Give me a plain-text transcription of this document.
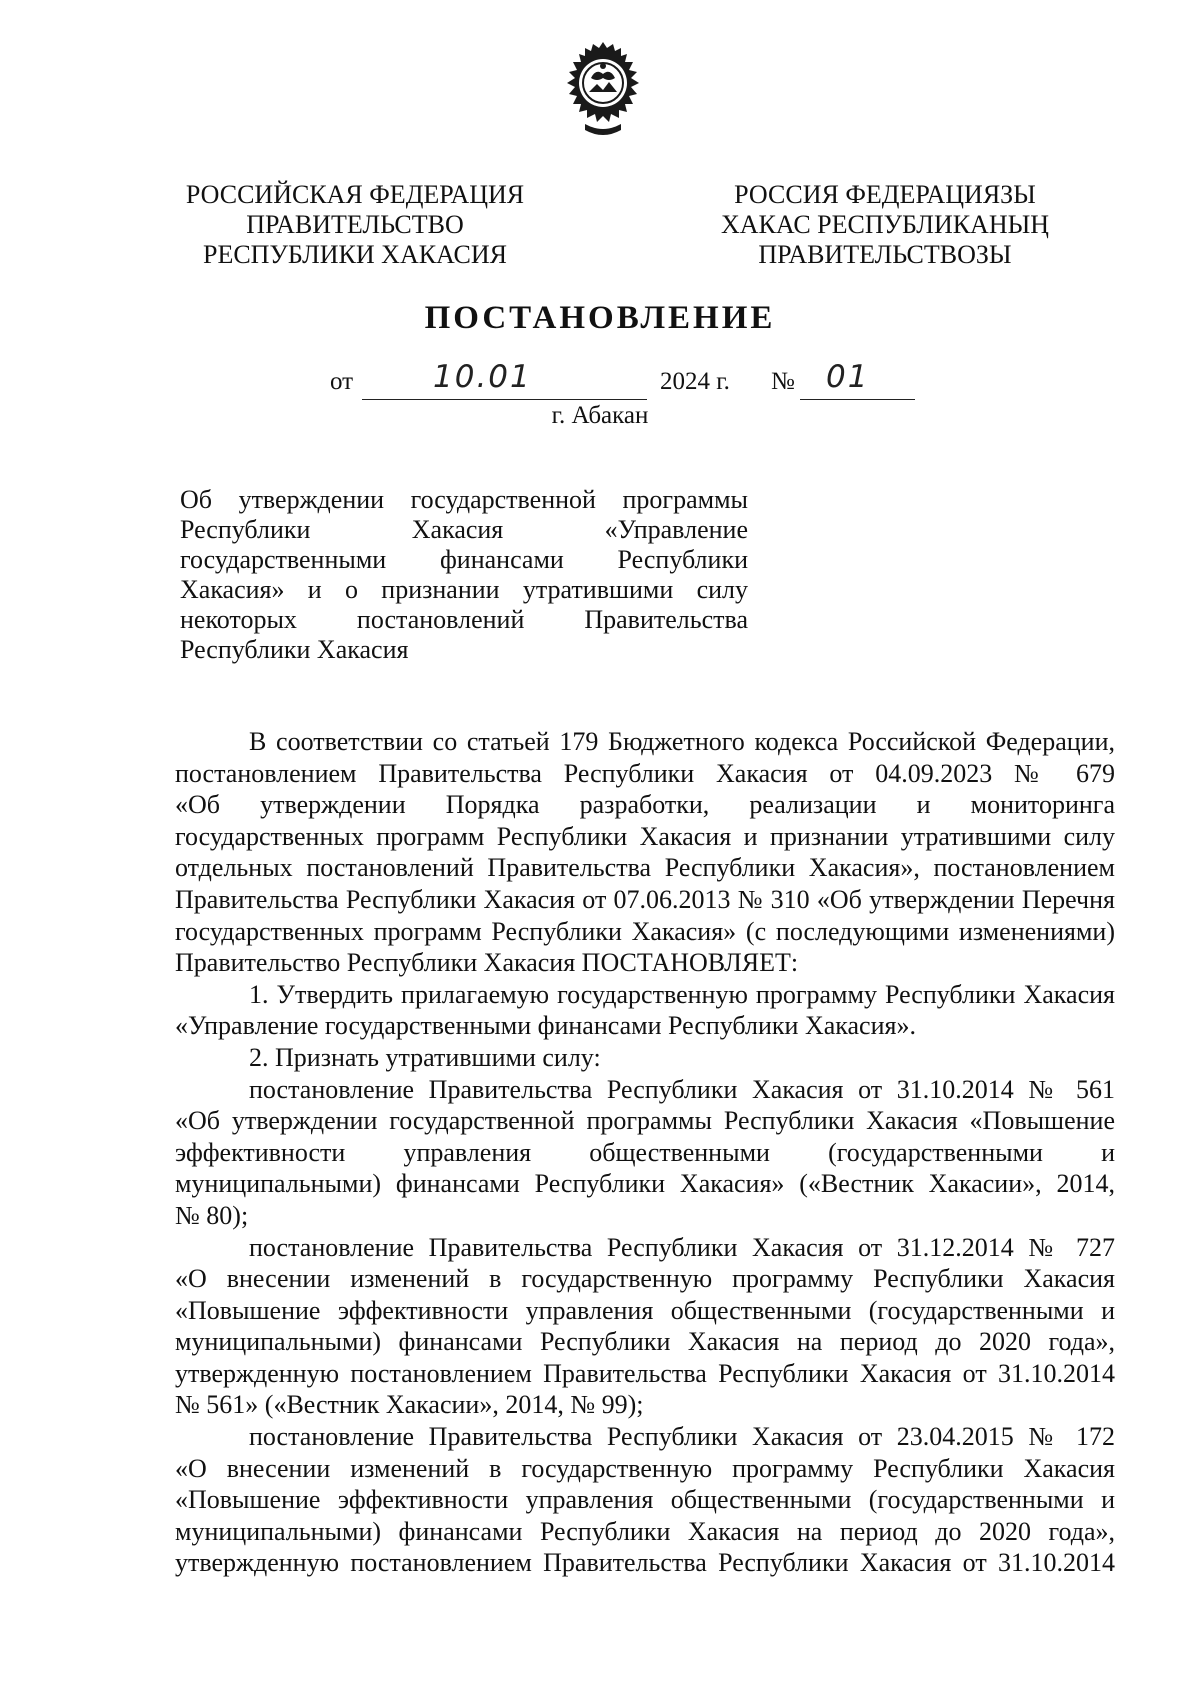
РОССИЙСКАЯ ФЕДЕРАЦИЯ
ПРАВИТЕЛЬСТВО
РЕСПУБЛИКИ ХАКАСИЯ
РОССИЯ ФЕДЕРАЦИЯЗЫ
ХАКАС РЕСПУБЛИКАНЫҢ
ПРАВИТЕЛЬСТВОЗЫ
ПОСТАНОВЛЕНИЕ
от	10.01	2024 г. № 01
г. Абакан
Об утверждении государственной программы
Республики Хакасия «Управление
государственными финансами Республики
Хакасия» и о признании утратившими силу
некоторых постановлений Правительства
Республики Хакасия
В соответствии со статьей 179 Бюджетного кодекса Российской Федерации,
постановлением Правительства Республики Хакасия от 04.09.2023 № 679
«Об утверждении Порядка разработки, реализации и мониторинга
государственных программ Республики Хакасия и признании утратившими силу
отдельных постановлений Правительства Республики Хакасия», постановлением
Правительства Республики Хакасия от 07.06.2013 № 310 «Об утверждении Перечня
государственных программ Республики Хакасия» (с последующими изменениями)
Правительство Республики Хакасия ПОСТАНОВЛЯЕТ:
1. Утвердить прилагаемую государственную программу Республики Хакасия
«Управление государственными финансами Республики Хакасия».
2. Признать утратившими силу:
постановление Правительства Республики Хакасия от 31.10.2014 № 561
«Об утверждении государственной программы Республики Хакасия «Повышение
эффективности управления общественными (государственными и
муниципальными) финансами Республики Хакасия» («Вестник Хакасии», 2014,
№ 80);
постановление Правительства Республики Хакасия от 31.12.2014 № 727
«О внесении изменений в государственную программу Республики Хакасия
«Повышение эффективности управления общественными (государственными и
муниципальными) финансами Республики Хакасия на период до 2020 года»,
утвержденную постановлением Правительства Республики Хакасия от 31.10.2014
№ 561» («Вестник Хакасии», 2014, № 99);
постановление Правительства Республики Хакасия от 23.04.2015 № 172
«О внесении изменений в государственную программу Республики Хакасия
«Повышение эффективности управления общественными (государственными и
муниципальными) финансами Республики Хакасия на период до 2020 года»,
утвержденную постановлением Правительства Республики Хакасия от 31.10.2014
